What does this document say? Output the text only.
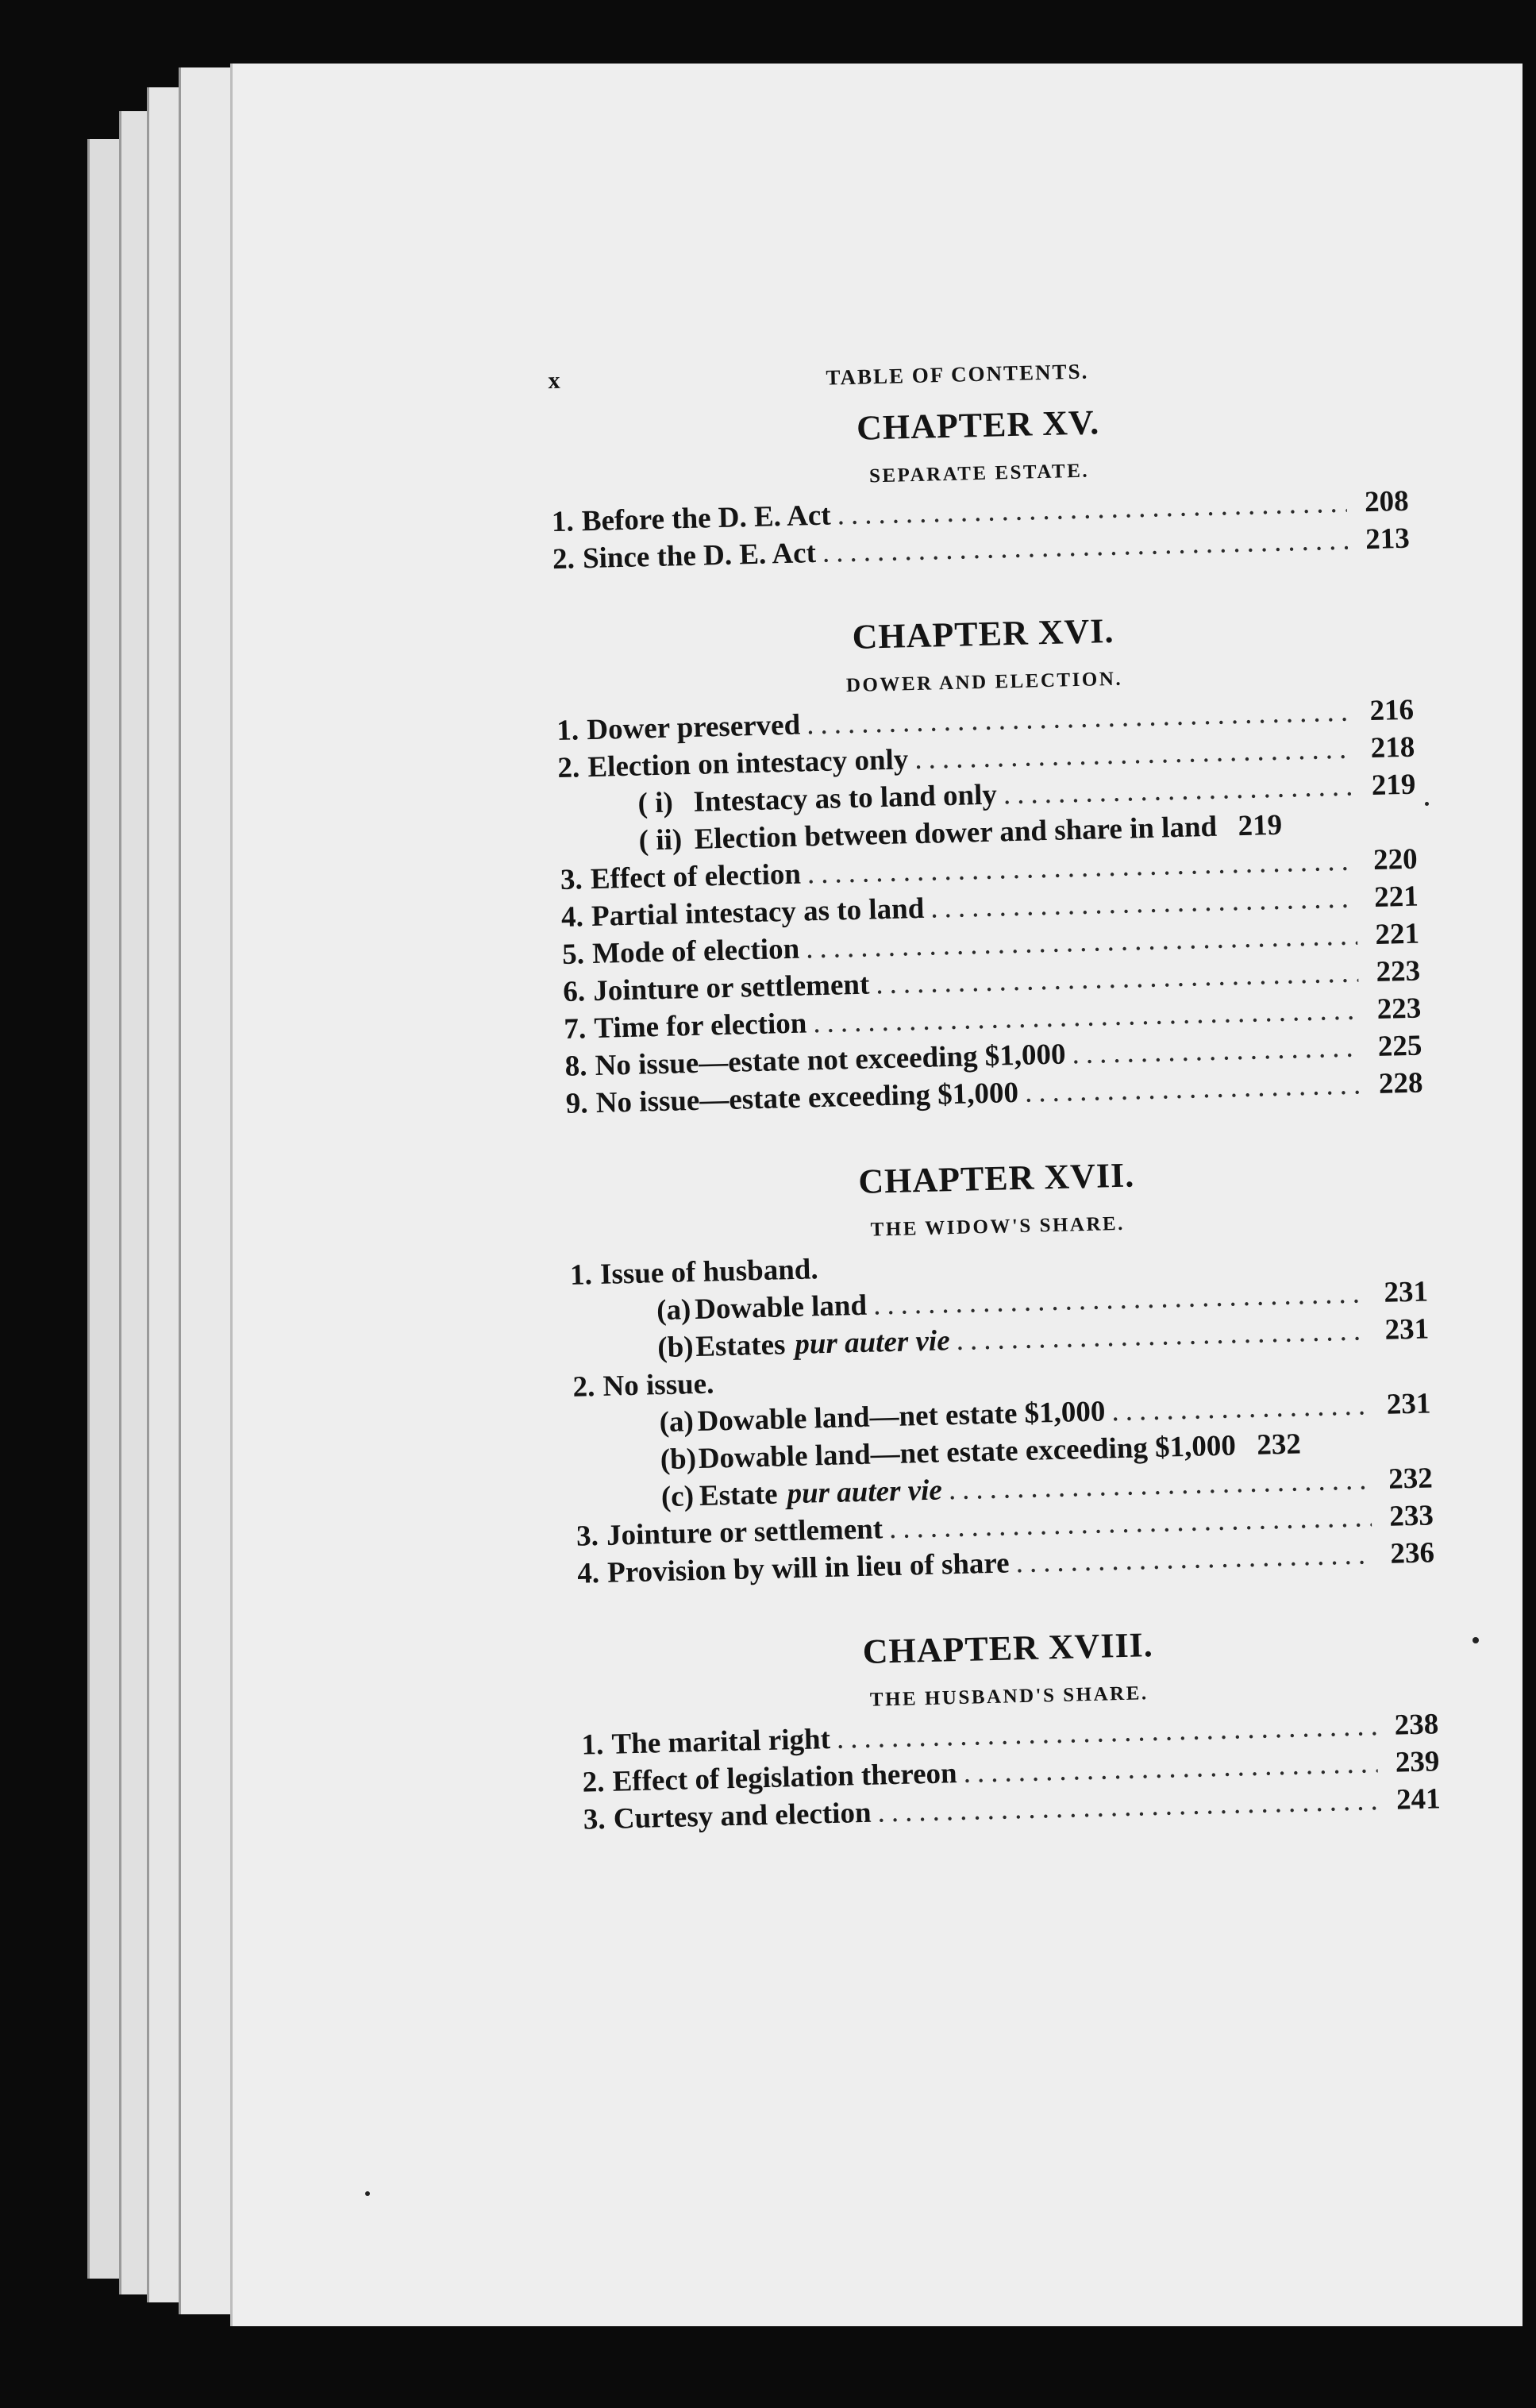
x	TABLE OF CONTENTS.
CHAPTER XV.
SEPARATE ESTATE.
1. Before the D. E. Act .....	208
2. Since the D. E. Act .....	213
CHAPTER XVI.
DOWER AND ELECTION.
1. Dower preserved .....	216
2. Election on intestacy only .....	218
( i) Intestacy as to land only .....	219
( ii) Election between dower and share in land 219
3. Effect of election .....	220
4. Partial intestacy as to land .....	221
5. Mode of election .....	221
6. Jointure or settlement .....	223
7. Time for election .....	223
8. No issue—estate not exceeding $1,000 .....	225
9. No issue—estate exceeding $1,000 .....	228
CHAPTER XVII.
THE WIDOW'S SHARE.
1. Issue of husband.
(a) Dowable land .....	231
(b) Estates pur auter vie .....	231
2. No issue.
(a) Dowable land—net estate $1,000 .....	231
(b) Dowable land—net estate exceeding $1,000 232
(c) Estate pur auter vie .....	232
3. Jointure or settlement .....	233
4. Provision by will in lieu of share .....	236
CHAPTER XVIII.
THE HUSBAND'S SHARE.
1. The marital right .....	238
2. Effect of legislation thereon .....	239
3. Curtesy and election .....	241
